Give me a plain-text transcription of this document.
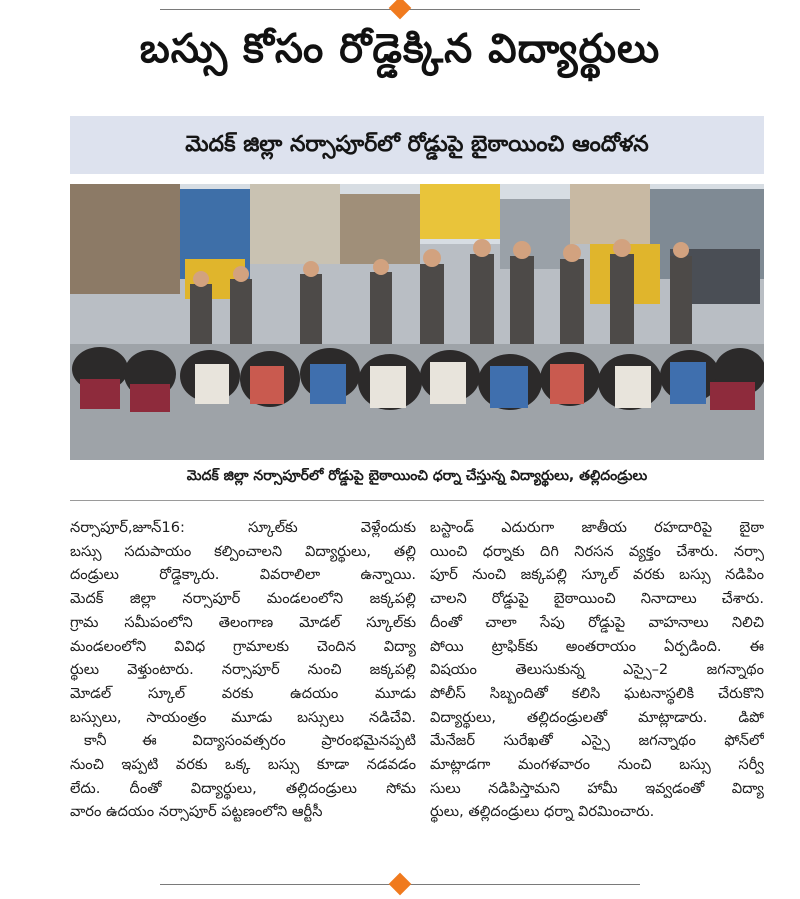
బస్సు కోసం రోడ్డెక్కిన విద్యార్థులు
మెదక్ జిల్లా నర్సాపూర్‌లో రోడ్డుపై బైఠాయించి ఆందోళన
మెదక్ జిల్లా నర్సాపూర్‌లో రోడ్డుపై బైఠాయించి ధర్నా చేస్తున్న విద్యార్థులు, తల్లిదండ్రులు
నర్సాపూర్,జూన్16: స్కూల్‌కు వెళ్లేందుకు
బస్సు సదుపాయం కల్పించాలని విద్యార్థులు, తల్లి
దండ్రులు రోడ్డెక్కారు. వివరాలిలా ఉన్నాయి.
మెదక్ జిల్లా నర్సాపూర్ మండలంలోని జక్కపల్లి
గ్రామ సమీపంలోని తెలంగాణ మోడల్ స్కూల్‌కు
మండలంలోని వివిధ గ్రామాలకు చెందిన విద్యా
ర్థులు వెళ్తుంటారు. నర్సాపూర్ నుంచి జక్కపల్లి
మోడల్ స్కూల్ వరకు ఉదయం మూడు
బస్సులు, సాయంత్రం మూడు బస్సులు నడిచేవి.
కానీ ఈ విద్యాసంవత్సరం ప్రారంభమైనప్పటి
నుంచి ఇప్పటి వరకు ఒక్క బస్సు కూడా నడవడం
లేదు. దీంతో విద్యార్థులు, తల్లిదండ్రులు సోమ
వారం ఉదయం నర్సాపూర్ పట్టణంలోని ఆర్టీసీ
బస్టాండ్ ఎదురుగా జాతీయ రహదారిపై బైఠా
యించి ధర్నాకు దిగి నిరసన వ్యక్తం చేశారు. నర్సా
పూర్ నుంచి జక్కపల్లి స్కూల్ వరకు బస్సు నడిపిం
చాలని రోడ్డుపై బైఠాయించి నినాదాలు చేశారు.
దీంతో చాలా సేపు రోడ్డుపై వాహనాలు నిలిచి
పోయి ట్రాఫిక్‌కు అంతరాయం ఏర్పడింది. ఈ
విషయం తెలుసుకున్న ఎస్సై–2 జగన్నాథం
పోలీస్ సిబ్బందితో కలిసి ఘటనాస్థలికి చేరుకొని
విద్యార్థులు, తల్లిదండ్రులతో మాట్లాడారు. డిపో
మేనేజర్ సురేఖతో ఎస్సై జగన్నాథం ఫోన్‌లో
మాట్లాడగా మంగళవారం నుంచి బస్సు సర్వీ
సులు నడిపిస్తామని హామీ ఇవ్వడంతో విద్యా
ర్థులు, తల్లిదండ్రులు ధర్నా విరమించారు.
